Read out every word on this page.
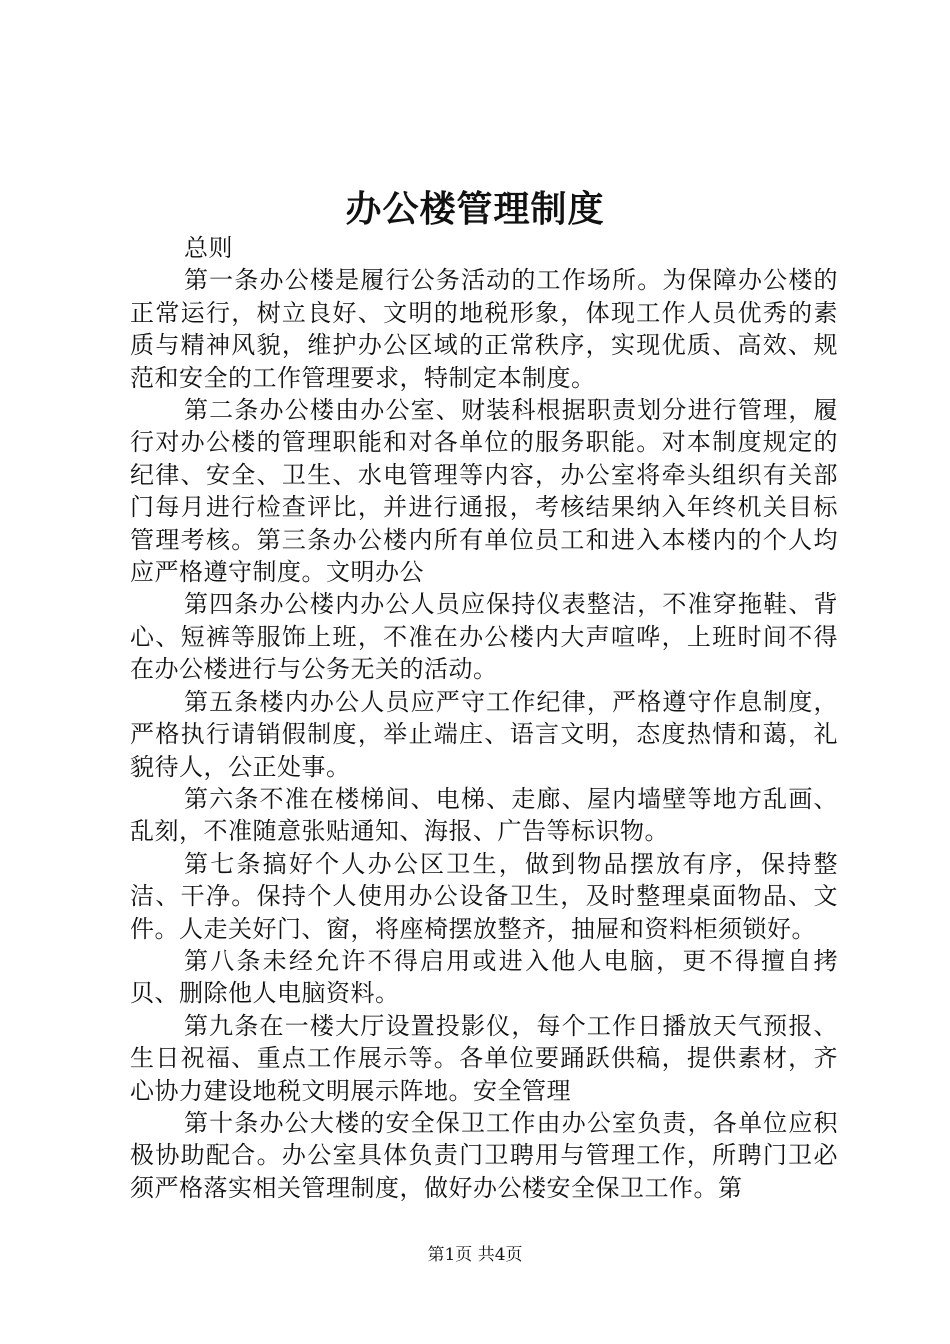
办公楼管理制度

总则

第一条办公楼是履行公务活动的工作场所。为保障办公楼的正常运行，树立良好、文明的地税形象，体现工作人员优秀的素质与精神风貌，维护办公区域的正常秩序，实现优质、高效、规范和安全的工作管理要求，特制定本制度。

第二条办公楼由办公室、财装科根据职责划分进行管理，履行对办公楼的管理职能和对各单位的服务职能。对本制度规定的纪律、安全、卫生、水电管理等内容，办公室将牵头组织有关部门每月进行检查评比，并进行通报，考核结果纳入年终机关目标管理考核。第三条办公楼内所有单位员工和进入本楼内的个人均应严格遵守制度。文明办公

第四条办公楼内办公人员应保持仪表整洁，不准穿拖鞋、背心、短裤等服饰上班，不准在办公楼内大声喧哗，上班时间不得在办公楼进行与公务无关的活动。

第五条楼内办公人员应严守工作纪律，严格遵守作息制度，严格执行请销假制度，举止端庄、语言文明，态度热情和蔼，礼貌待人，公正处事。

第六条不准在楼梯间、电梯、走廊、屋内墙壁等地方乱画、乱刻，不准随意张贴通知、海报、广告等标识物。

第七条搞好个人办公区卫生，做到物品摆放有序，保持整洁、干净。保持个人使用办公设备卫生，及时整理桌面物品、文件。人走关好门、窗，将座椅摆放整齐，抽屉和资料柜须锁好。

第八条未经允许不得启用或进入他人电脑，更不得擅自拷贝、删除他人电脑资料。

第九条在一楼大厅设置投影仪，每个工作日播放天气预报、生日祝福、重点工作展示等。各单位要踊跃供稿，提供素材，齐心协力建设地税文明展示阵地。安全管理

第十条办公大楼的安全保卫工作由办公室负责，各单位应积极协助配合。办公室具体负责门卫聘用与管理工作，所聘门卫必须严格落实相关管理制度，做好办公楼安全保卫工作。第

第1页 共4页
